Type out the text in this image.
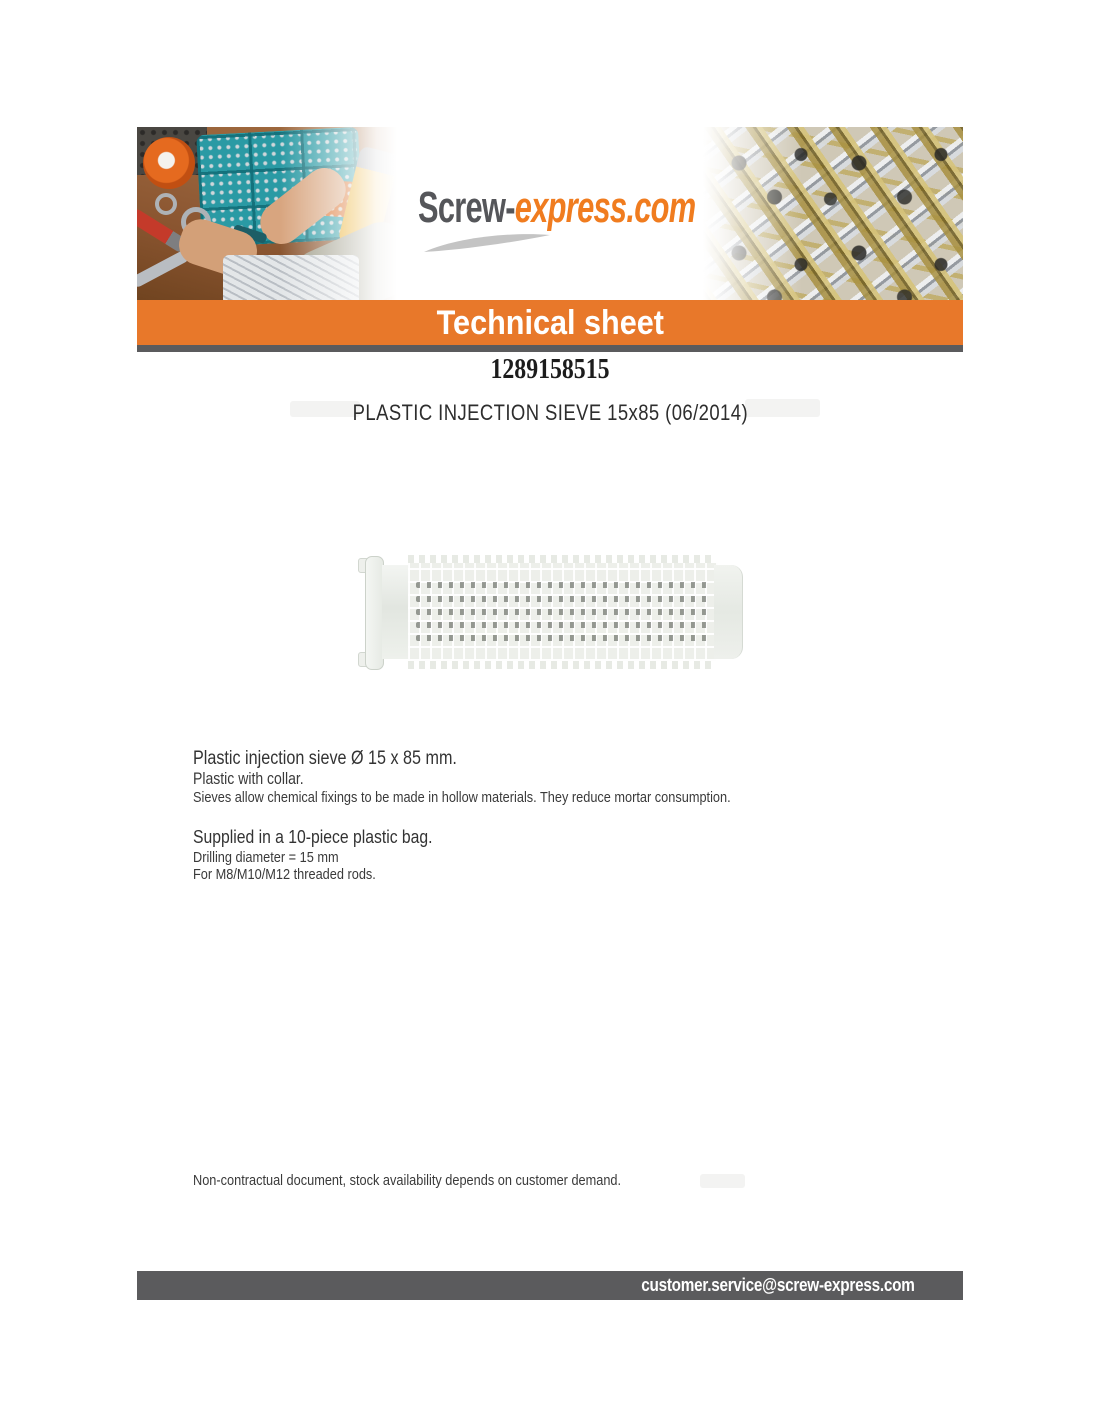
Screw-express.com
Technical sheet
1289158515
PLASTIC INJECTION SIEVE 15x85 (06/2014)
Plastic injection sieve Ø 15 x 85 mm.
Plastic with collar.
Sieves allow chemical fixings to be made in hollow materials. They reduce mortar consumption.
Supplied in a 10-piece plastic bag.
Drilling diameter = 15 mm
For M8/M10/M12 threaded rods.
Non-contractual document, stock availability depends on customer demand.
customer.service@screw-express.com
